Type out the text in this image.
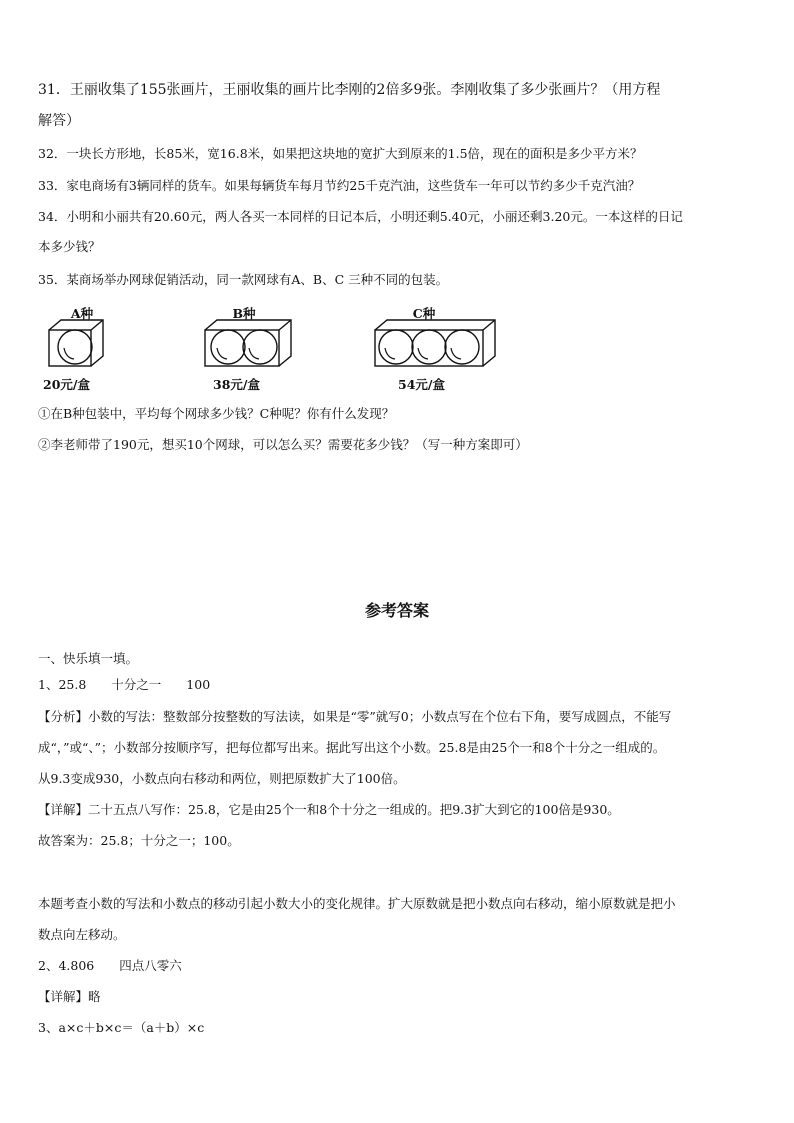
31．王丽收集了155张画片，王丽收集的画片比李刚的2倍多9张。李刚收集了多少张画片？（用方程
解答）
32．一块长方形地，长85米，宽16.8米，如果把这块地的宽扩大到原来的1.5倍，现在的面积是多少平方米？
33．家电商场有3辆同样的货车。如果每辆货车每月节约25千克汽油，这些货车一年可以节约多少千克汽油？
34．小明和小丽共有20.60元，两人各买一本同样的日记本后，小明还剩5.40元，小丽还剩3.20元。一本这样的日记
本多少钱？
35．某商场举办网球促销活动，同一款网球有A、B、C 三种不同的包装。
A种
20元/盒
B种
38元/盒
C种
54元/盒
①在B种包装中，平均每个网球多少钱？C种呢？你有什么发现？
②李老师带了190元，想买10个网球，可以怎么买？需要花多少钱？（写一种方案即可）
参考答案
一、快乐填一填。
1、25.8　　十分之一　　100
【分析】小数的写法：整数部分按整数的写法读，如果是“零”就写0；小数点写在个位右下角，要写成圆点，不能写
成“，”或“、”；小数部分按顺序写，把每位都写出来。据此写出这个小数。25.8是由25个一和8个十分之一组成的。
从9.3变成930，小数点向右移动和两位，则把原数扩大了100倍。
【详解】二十五点八写作：25.8，它是由25个一和8个十分之一组成的。把9.3扩大到它的100倍是930。
故答案为：25.8；十分之一；100。
本题考查小数的写法和小数点的移动引起小数大小的变化规律。扩大原数就是把小数点向右移动，缩小原数就是把小
数点向左移动。
2、4.806　　四点八零六
【详解】略
3、a×c＋b×c＝（a＋b）×c
